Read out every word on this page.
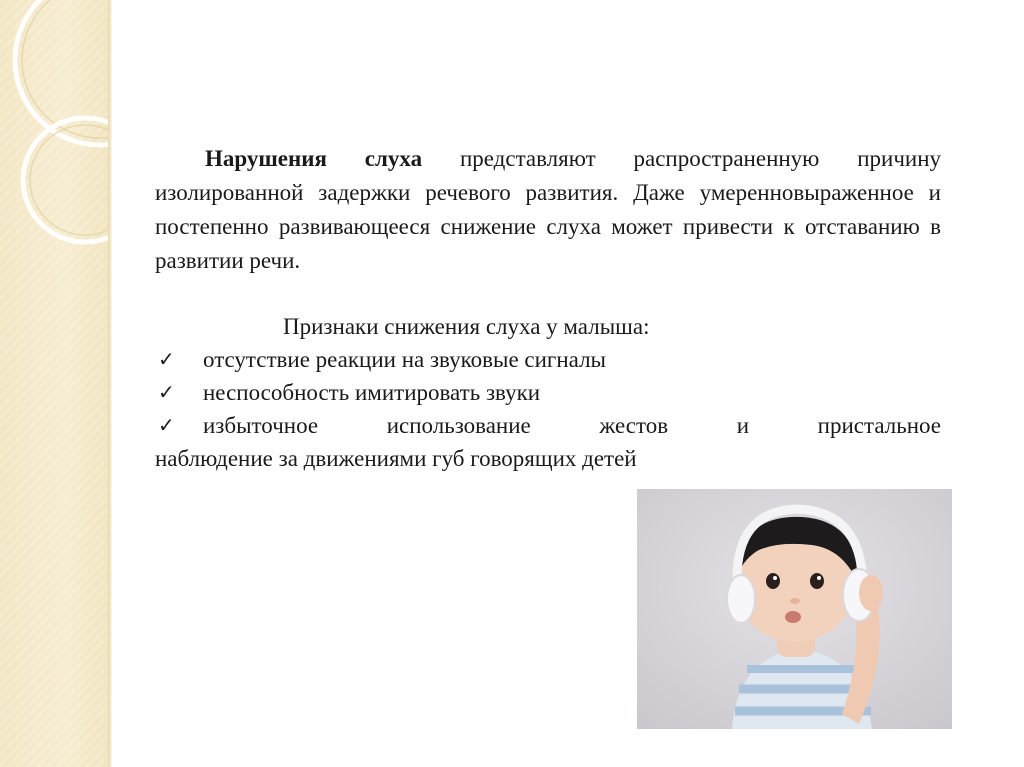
Нарушения слуха представляют распространенную причину изолированной задержки речевого развития. Даже умеренновыраженное и постепенно развивающееся снижение слуха может привести к отставанию в развитии речи.

Признаки снижения слуха у малыша:

✓ отсутствие реакции на звуковые сигналы

✓ неспособность имитировать звуки

✓ избыточное использование жестов и пристальное

наблюдение за движениями губ говорящих детей
